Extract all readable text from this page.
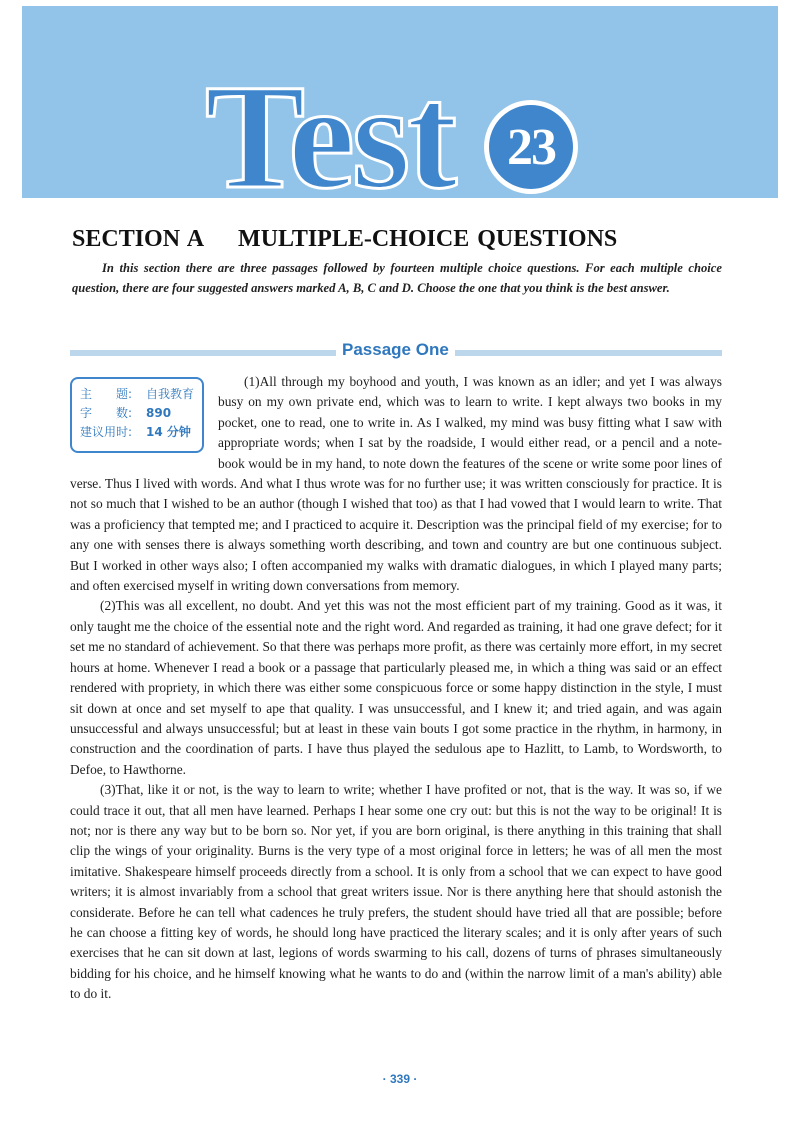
Test 23
SECTION A MULTIPLE-CHOICE QUESTIONS
In this section there are three passages followed by fourteen multiple choice questions. For each multiple choice question, there are four suggested answers marked A, B, C and D. Choose the one that you think is the best answer.
Passage One

(1)All through my boyhood and youth, I was known as an idler; and yet I was always busy on my own private end, which was to learn to write. I kept always two books in my pocket, one to read, one to write in. As I walked, my mind was busy fitting what I saw with appropriate words; when I sat by the roadside, I would either read, or a pencil and a note-book would be in my hand, to note down the features of the scene or write some poor lines of verse. Thus I lived with words. And what I thus wrote was for no further use; it was written consciously for practice. It is not so much that I wished to be an author (though I wished that too) as that I had vowed that I would learn to write. That was a proficiency that tempted me; and I practiced to acquire it. Description was the principal field of my exercise; for to any one with senses there is always something worth describing, and town and country are but one continuous subject. But I worked in other ways also; I often accompanied my walks with dramatic dialogues, in which I played many parts; and often exercised myself in writing down conversations from memory.

(2)This was all excellent, no doubt. And yet this was not the most efficient part of my training. Good as it was, it only taught me the choice of the essential note and the right word. And regarded as training, it had one grave defect; for it set me no standard of achievement. So that there was perhaps more profit, as there was certainly more effort, in my secret hours at home. Whenever I read a book or a passage that particularly pleased me, in which a thing was said or an effect rendered with propriety, in which there was either some conspicuous force or some happy distinction in the style, I must sit down at once and set myself to ape that quality. I was unsuccessful, and I knew it; and tried again, and was again unsuccessful and always unsuccessful; but at least in these vain bouts I got some practice in the rhythm, in harmony, in construction and the coordination of parts. I have thus played the sedulous ape to Hazlitt, to Lamb, to Wordsworth, to Defoe, to Hawthorne.

(3)That, like it or not, is the way to learn to write; whether I have profited or not, that is the way. It was so, if we could trace it out, that all men have learned. Perhaps I hear some one cry out: but this is not the way to be original! It is not; nor is there any way but to be born so. Nor yet, if you are born original, is there anything in this training that shall clip the wings of your originality. Burns is the very type of a most original force in letters; he was of all men the most imitative. Shakespeare himself proceeds directly from a school. It is only from a school that we can expect to have good writers; it is almost invariably from a school that great writers issue. Nor is there anything here that should astonish the considerate. Before he can tell what cadences he truly prefers, the student should have tried all that are possible; before he can choose a fitting key of words, he should long have practiced the literary scales; and it is only after years of such exercises that he can sit down at last, legions of words swarming to his call, dozens of turns of phrases simultaneously bidding for his choice, and he himself knowing what he wants to do and (within the narrow limit of a man's ability) able to do it.

主　　题: 自我教育
字　　数: 890
建议用时: 14 分钟
· 339 ·
